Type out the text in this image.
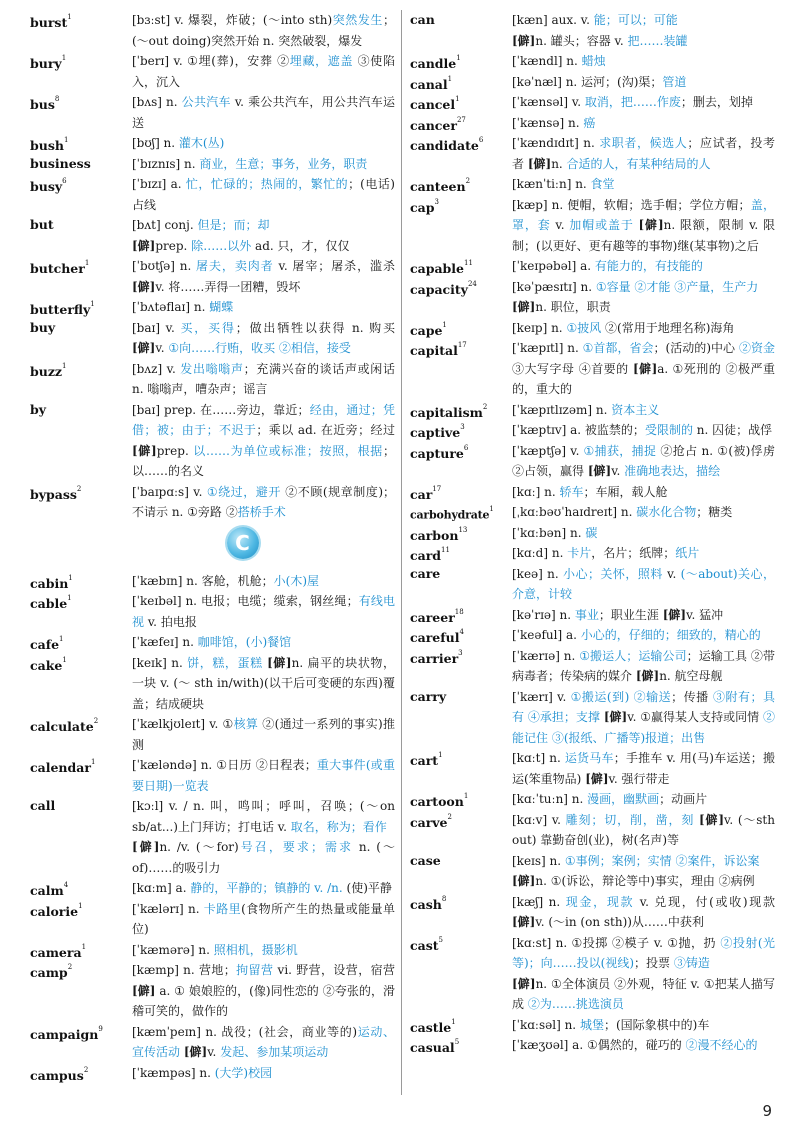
burst$^1$	[bɜːst] v. 爆裂，炸破；(～into sth)突然发生；(～out doing)突然开始 n. 突然破裂，爆发
bury$^1$	[ˈberɪ] v. ①埋(葬)，安葬 ②埋藏，遮盖 ③使陷入，沉入
bus$^8$	[bʌs] n. 公共汽车 v. 乘公共汽车，用公共汽车运送
bush$^1$	[bʊʃ] n. 灌木(丛)
business	[ˈbɪznɪs] n. 商业，生意；事务，业务，职责
busy$^6$	[ˈbɪzɪ] a. 忙，忙碌的；热闹的，繁忙的；(电话)占线
but	[bʌt] conj. 但是；而；却
[僻]prep. 除……以外 ad. 只，才，仅仅
butcher$^1$	[ˈbʊtʃə] n. 屠夫，卖肉者 v. 屠宰；屠杀，滥杀 [僻]v. 将……弄得一团糟，毁坏
butterfly$^1$	[ˈbʌtəflaɪ] n. 蝴蝶
buy	[baɪ] v. 买，买得；做出牺牲以获得 n. 购买 [僻]v. ①向……行贿，收买 ②相信，接受
buzz$^1$	[bʌz] v. 发出嗡嗡声；充满兴奋的谈话声或闲话 n. 嗡嗡声，嘈杂声；谣言
by	[baɪ] prep. 在……旁边，靠近；经由，通过；凭借；被；由于；不迟于；乘以 ad. 在近旁；经过 [僻]prep. 以……为单位或标准；按照，根据；以……的名义
bypass$^2$	[ˈbaɪpɑːs] v. ①绕过，避开 ②不顾(规章制度)；不请示 n. ①旁路 ②搭桥手术
C
cabin$^1$	[ˈkæbɪn] n. 客舱，机舱；小(木)屋
cable$^1$	[ˈkeɪbəl] n. 电报；电缆；缆索，钢丝绳；有线电视 v. 拍电报
cafe$^1$	[ˈkæfeɪ] n. 咖啡馆，(小)餐馆
cake$^1$	[keɪk] n. 饼，糕，蛋糕 [僻]n. 扁平的块状物，一块 v. (～ sth in/with)(以干后可变硬的东西)覆盖；结成硬块
calculate$^2$	[ˈkælkjʊleɪt] v. ①核算 ②(通过一系列的事实)推测
calendar$^1$	[ˈkæləndə] n. ①日历 ②日程表；重大事件(或重要日期)一览表
call	[kɔːl] v. / n. 叫，鸣叫；呼叫，召唤；(～on sb/at...)上门拜访；打电话 v. 取名，称为；看作
[僻]n. /v. (～for)号召，要求；需求 n. (～of)……的吸引力
calm$^4$	[kɑːm] a. 静的，平静的；镇静的 v. /n. (使)平静
calorie$^1$	[ˈkælərɪ] n. 卡路里(食物所产生的热量或能量单位)
camera$^1$	[ˈkæmərə] n. 照相机，摄影机
camp$^2$	[kæmp] n. 营地；拘留营 vi. 野营，设营，宿营 [僻] a. ① 娘娘腔的，(像)同性恋的 ②夸张的，滑稽可笑的，做作的
campaign$^9$	[kæmˈpeɪn] n. 战役；(社会，商业等的)运动、宣传活动 [僻]v. 发起、参加某项运动
campus$^2$	[ˈkæmpəs] n. (大学)校园
can	[kæn] aux. v. 能；可以；可能
[僻]n. 罐头；容器 v. 把……装罐
candle$^1$	[ˈkændl] n. 蜡烛
canal$^1$	[kəˈnæl] n. 运河；(沟)渠；管道
cancel$^1$	[ˈkænsəl] v. 取消，把……作废；删去，划掉
cancer$^{27}$	[ˈkænsə] n. 癌
candidate$^6$	[ˈkændɪdɪt] n. 求职者，候选人；应试者，投考者 [僻]n. 合适的人，有某种结局的人
canteen$^2$	[kænˈtiːn] n. 食堂
cap$^3$	[kæp] n. 便帽，软帽；选手帽；学位方帽；盖，罩，套 v. 加帽或盖于 [僻]n. 限额，限制 v. 限制；(以更好、更有趣等的事物)继(某事物)之后
capable$^{11}$	[ˈkeɪpəbəl] a. 有能力的，有技能的
capacity$^{24}$	[kəˈpæsɪtɪ] n. ①容量 ②才能 ③产量，生产力
[僻]n. 职位，职责
cape$^1$	[keɪp] n. ①披风 ②(常用于地理名称)海角
capital$^{17}$	[ˈkæpɪtl] n. ①首都，省会；(活动的)中心 ②资金 ③大写字母 ④首要的 [僻]a. ①死刑的 ②极严重的，重大的
capitalism$^2$	[ˈkæpɪtlɪzəm] n. 资本主义
captive$^3$	[ˈkæptɪv] a. 被监禁的；受限制的 n. 囚徒；战俘
capture$^6$	[ˈkæptʃə] v. ①捕获，捕捉 ②抢占 n. ①(被)俘虏 ②占领，赢得 [僻]v. 准确地表达，描绘
car$^{17}$	[kɑː] n. 轿车；车厢，载人舱
carbohydrate$^1$	[ˌkɑːbəʊˈhaɪdreɪt] n. 碳水化合物；糖类
carbon$^{13}$	[ˈkɑːbən] n. 碳
card$^{11}$	[kɑːd] n. 卡片，名片；纸牌；纸片
care	[keə] n. 小心；关怀，照料 v. (～about)关心，介意，计较
career$^{18}$	[kəˈrɪə] n. 事业；职业生涯 [僻]v. 猛冲
careful$^4$	[ˈkeəful] a. 小心的，仔细的；细致的，精心的
carrier$^3$	[ˈkærɪə] n. ①搬运人；运输公司；运输工具 ②带病毒者；传染病的媒介 [僻]n. 航空母舰
carry	[ˈkærɪ] v. ①搬运(到) ②输送；传播 ③附有；具有 ④承担；支撑 [僻]v. ①赢得某人支持或同情 ②能记住 ③(报纸、广播等)报道；出售
cart$^1$	[kɑːt] n. 运货马车；手推车 v. 用(马)车运送；搬运(笨重物品) [僻]v. 强行带走
cartoon$^1$	[kɑːˈtuːn] n. 漫画，幽默画；动画片
carve$^2$	[kɑːv] v. 雕刻；切，削，凿，刻 [僻]v. (～sth out) 靠勤奋创(业)，树(名声)等
case	[keɪs] n. ①事例；案例；实情 ②案件，诉讼案
[僻]n. ①(诉讼，辩论等中)事实，理由 ②病例
cash$^8$	[kæʃ] n. 现金，现款 v. 兑现，付(或收)现款 [僻]v. (～in (on sth))从……中获利
cast$^5$	[kɑːst] n. ①投掷 ②模子 v. ①抛，扔 ②投射(光等)；向……投以(视线)；投票 ③铸造
[僻]n. ①全体演员 ②外观，特征 v. ①把某人描写成 ②为……挑选演员
castle$^1$	[ˈkɑːsəl] n. 城堡；(国际象棋中的)车
casual$^5$	[ˈkæʒʊəl] a. ①偶然的，碰巧的 ②漫不经心的
9
